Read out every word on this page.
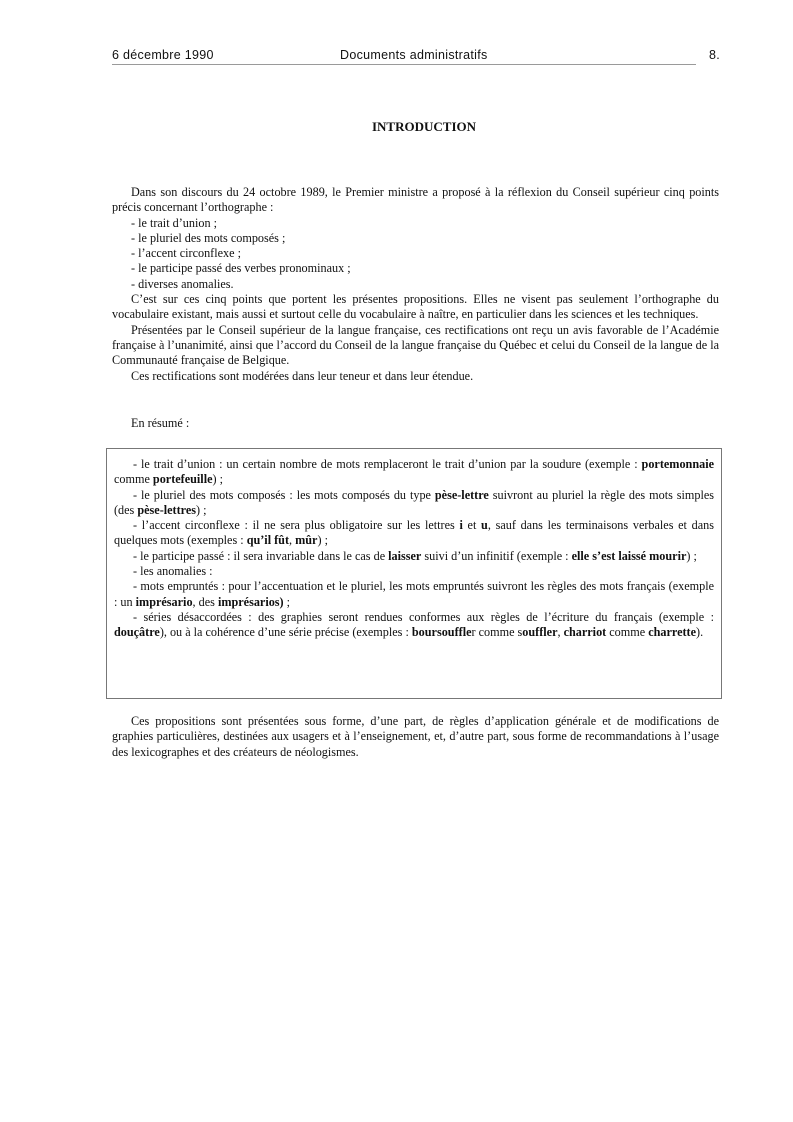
6 décembre 1990	Documents administratifs	8.
INTRODUCTION

Dans son discours du 24 octobre 1989, le Premier ministre a proposé à la réflexion du Conseil supérieur cinq points précis concernant l’orthographe :

- le trait d’union ;

- le pluriel des mots composés ;

- l’accent circonflexe ;

- le participe passé des verbes pronominaux ;

- diverses anomalies.

C’est sur ces cinq points que portent les présentes propositions. Elles ne visent pas seulement l’orthographe du vocabulaire existant, mais aussi et surtout celle du vocabulaire à naître, en particulier dans les sciences et les techniques.

Présentées par le Conseil supérieur de la langue française, ces rectifications ont reçu un avis favorable de l’Académie française à l’unanimité, ainsi que l’accord du Conseil de la langue française du Québec et celui du Conseil de la langue de la Communauté française de Belgique.

Ces rectifications sont modérées dans leur teneur et dans leur étendue.

En résumé :

- le trait d’union : un certain nombre de mots remplaceront le trait d’union par la soudure (exemple : portemonnaie comme portefeuille) ;

- le pluriel des mots composés : les mots composés du type pèse-lettre suivront au pluriel la règle des mots simples (des pèse-lettres) ;

- l’accent circonflexe : il ne sera plus obligatoire sur les lettres i et u, sauf dans les terminaisons verbales et dans quelques mots (exemples : qu’il fût, mûr) ;

- le participe passé : il sera invariable dans le cas de laisser suivi d’un infinitif (exemple : elle s’est laissé mourir) ;

- les anomalies :

- mots empruntés : pour l’accentuation et le pluriel, les mots empruntés suivront les règles des mots français (exemple : un imprésario, des imprésarios) ;

- séries désaccordées : des graphies seront rendues conformes aux règles de l’écriture du français (exemple : douçâtre), ou à la cohérence d’une série précise (exemples : boursouffler comme souffler, charriot comme charrette).

Ces propositions sont présentées sous forme, d’une part, de règles d’application générale et de modifications de graphies particulières, destinées aux usagers et à l’enseignement, et, d’autre part, sous forme de recommandations à l’usage des lexicographes et des créateurs de néologismes.
